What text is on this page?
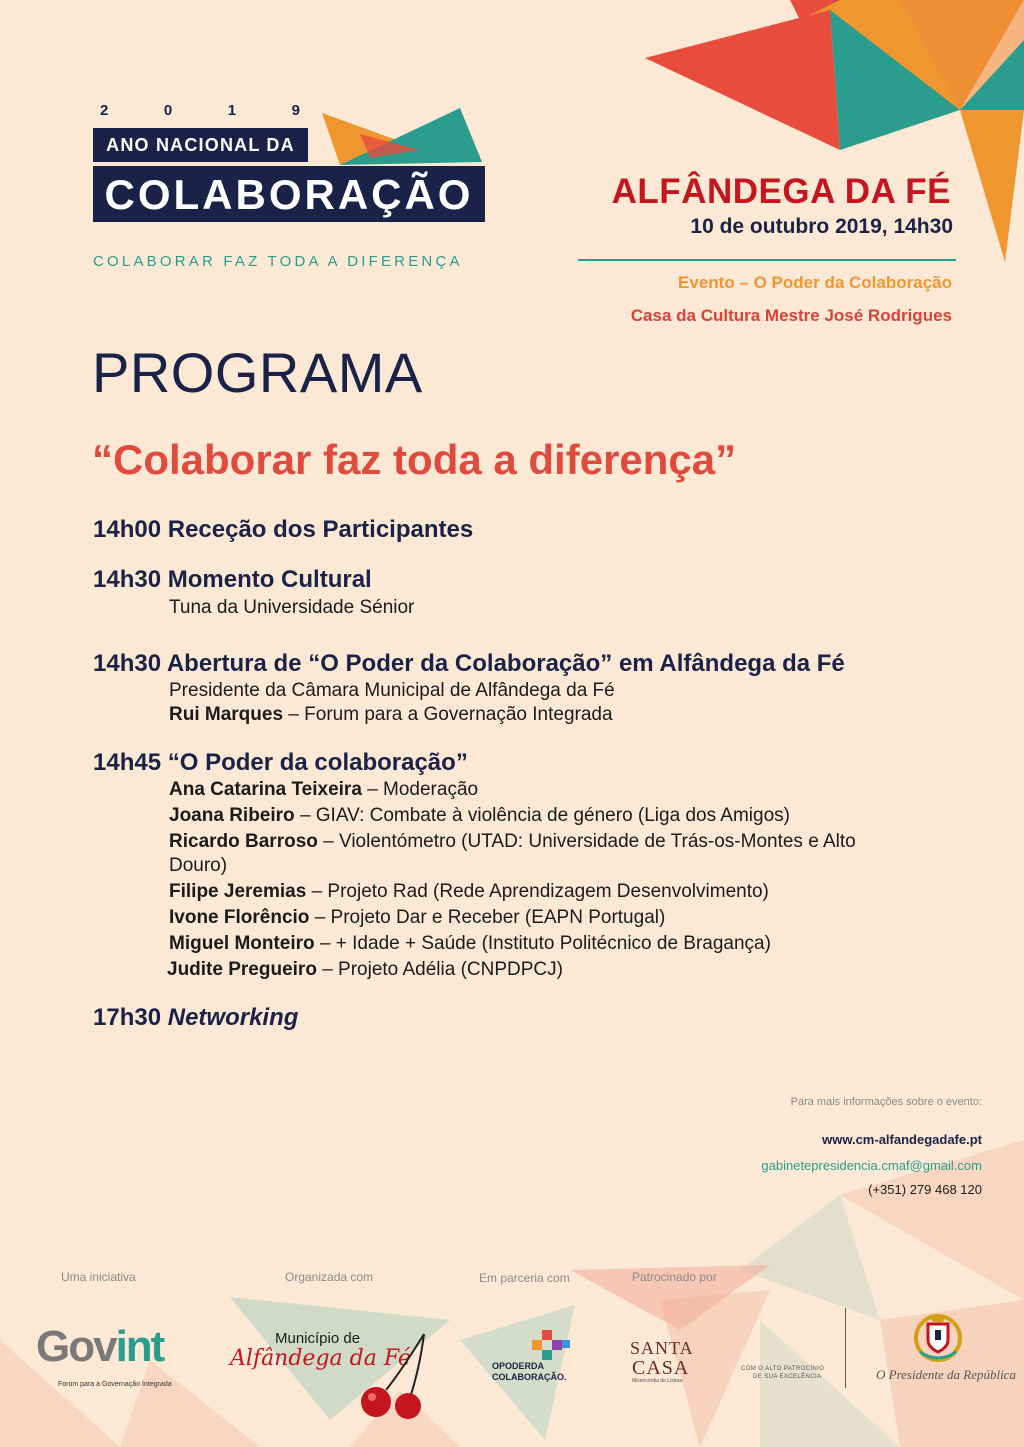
2	0	1	9
ANO NACIONAL DA
COLABORAÇÃO
COLABORAR FAZ TODA A DIFERENÇA
ALFÂNDEGA DA FÉ
10 de outubro 2019, 14h30
Evento – O Poder da Colaboração
Casa da Cultura Mestre José Rodrigues
PROGRAMA
“Colaborar faz toda a diferença”
14h00 Receção dos Participantes
14h30 Momento Cultural
Tuna da Universidade Sénior
14h30 Abertura de “O Poder da Colaboração” em Alfândega da Fé
Presidente da Câmara Municipal de Alfândega da Fé
Rui Marques – Forum para a Governação Integrada
14h45 “O Poder da colaboração”
Ana Catarina Teixeira – Moderação
Joana Ribeiro – GIAV: Combate à violência de género (Liga dos Amigos)
Ricardo Barroso – Violentómetro (UTAD: Universidade de Trás-os-Montes e Alto
Douro)
Filipe Jeremias – Projeto Rad (Rede Aprendizagem Desenvolvimento)
Ivone Florêncio – Projeto Dar e Receber (EAPN Portugal)
Miguel Monteiro – + Idade + Saúde (Instituto Politécnico de Bragança)
Judite Pregueiro – Projeto Adélia (CNPDPCJ)
17h30 Networking
Para mais informações sobre o evento:
www.cm-alfandegadafe.pt
gabinetepresidencia.cmaf@gmail.com
(+351) 279 468 120
Uma iniciativa	Organizada com	Em parceria com	Patrocinado por
Govint
Forum para a Governação Integrada
Município de
Alfândega da Fé	OPODERDA
COLABORAÇÃO.
SANTA
CASA
Misericórdia de Lisboa
COM O ALTO PATROCÍNIO
DE SUA EXCELÊNCIA	O Presidente da República
